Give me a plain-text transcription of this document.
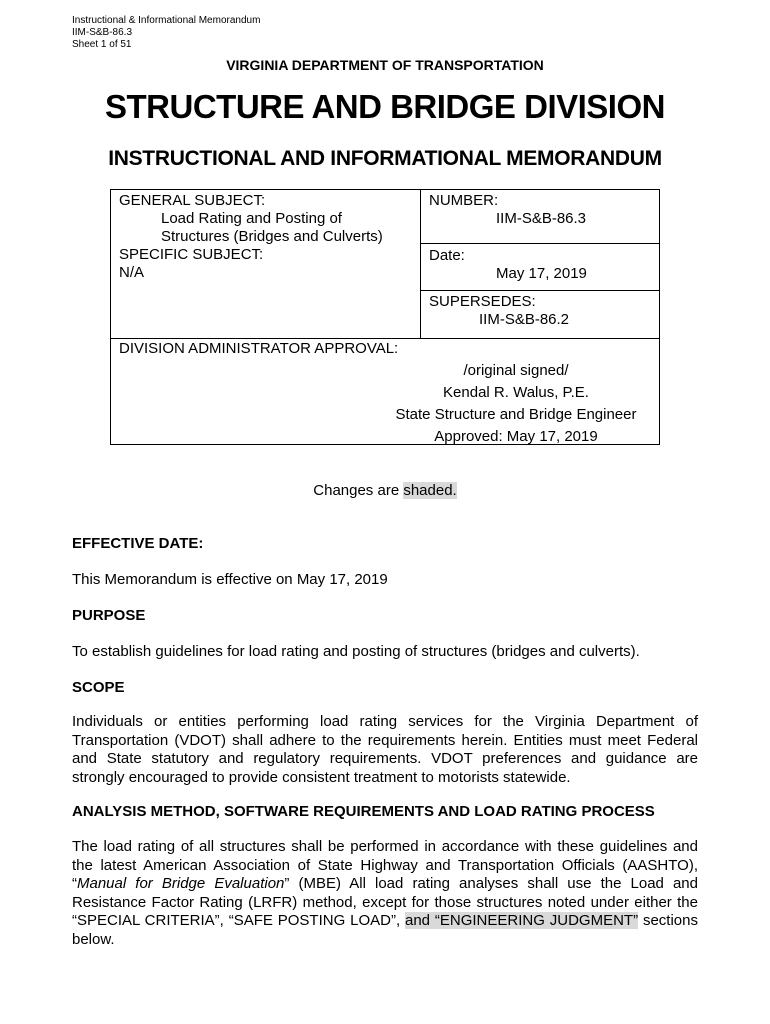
Instructional & Informational Memorandum
IIM-S&B-86.3
Sheet 1 of 51
VIRGINIA DEPARTMENT OF TRANSPORTATION
STRUCTURE AND BRIDGE DIVISION
INSTRUCTIONAL AND INFORMATIONAL MEMORANDUM
GENERAL SUBJECT:
Load Rating and Posting of
Structures (Bridges and Culverts)
SPECIFIC SUBJECT:
N/A
NUMBER:
IIM-S&B-86.3
Date:
May 17, 2019
SUPERSEDES:
IIM-S&B-86.2
DIVISION ADMINISTRATOR APPROVAL:
/original signed/
Kendal R. Walus, P.E.
State Structure and Bridge Engineer
Approved: May 17, 2019
Changes are shaded.
EFFECTIVE DATE:
This Memorandum is effective on May 17, 2019
PURPOSE
To establish guidelines for load rating and posting of structures (bridges and culverts).
SCOPE
Individuals or entities performing load rating services for the Virginia Department of Transportation (VDOT) shall adhere to the requirements herein. Entities must meet Federal and State statutory and regulatory requirements. VDOT preferences and guidance are strongly encouraged to provide consistent treatment to motorists statewide.
ANALYSIS METHOD, SOFTWARE REQUIREMENTS AND LOAD RATING PROCESS
The load rating of all structures shall be performed in accordance with these guidelines and the latest American Association of State Highway and Transportation Officials (AASHTO), “Manual for Bridge Evaluation” (MBE) All load rating analyses shall use the Load and Resistance Factor Rating (LRFR) method, except for those structures noted under either the “SPECIAL CRITERIA”, “SAFE POSTING LOAD”, and “ENGINEERING JUDGMENT” sections below.
